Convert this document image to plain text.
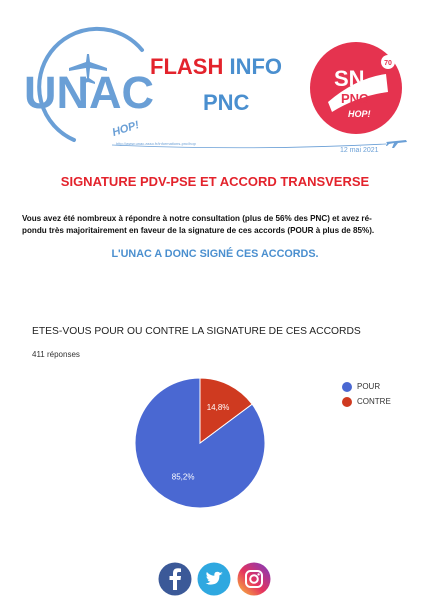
UNAC
HOP!
FLASH INFO
PNC
70
SN
PNC
HOP!
http://www.unac.asso.fr/informations-pnc/hop
12 mai 2021
SIGNATURE PDV-PSE ET ACCORD TRANSVERSE
Vous avez été nombreux à répondre à notre consultation (plus de 56% des PNC) et avez ré-
pondu très majoritairement en faveur de la signature de ces accords (POUR à plus de 85%).
L'UNAC A DONC SIGNÉ CES ACCORDS.
ETES-VOUS POUR OU CONTRE LA SIGNATURE DE CES ACCORDS
411 réponses
85,2%
14,8%
POUR
CONTRE
